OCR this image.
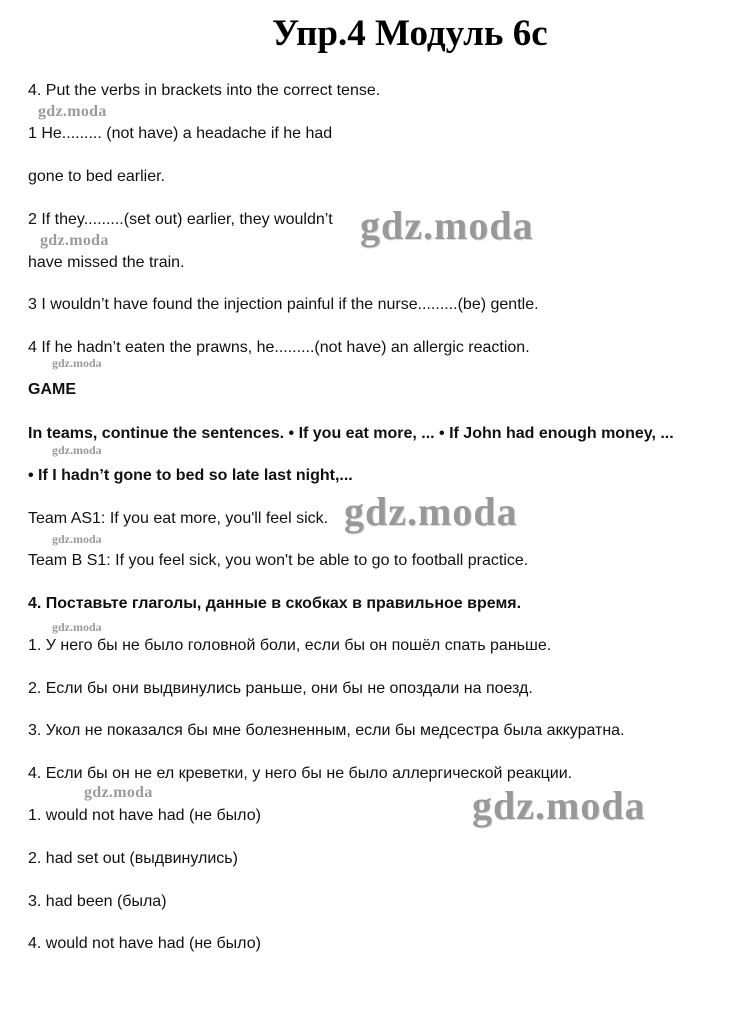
Упр.4 Модуль 6с
4. Put the verbs in brackets into the correct tense.
1 He......... (not have) a headache if he had
gone to bed earlier.
2 If they.........(set out) earlier, they wouldn’t
have missed the train.
3 I wouldn’t have found the injection painful if the nurse.........(be) gentle.
4 If he hadn’t eaten the prawns, he.........(not have) an allergic reaction.
GAME
In teams, continue the sentences. • If you eat more, ... • If John had enough money, ...
• If I hadn’t gone to bed so late last night,...
Team AS1: If you eat more, you'll feel sick.
Team B S1: If you feel sick, you won't be able to go to football practice.
4. Поставьте глаголы, данные в скобках в правильное время.
1. У него бы не было головной боли, если бы он пошёл спать раньше.
2. Если бы они выдвинулись раньше, они бы не опоздали на поезд.
3. Укол не показался бы мне болезненным, если бы медсестра была аккуратна.
4. Если бы он не ел креветки, у него бы не было аллергической реакции.
1. would not have had (не было)
2. had set out (выдвинулись)
3. had been (была)
4. would not have had (не было)
gdz.moda
gdz.moda
gdz.moda
gdz.moda
gdz.moda
gdz.moda
gdz.moda
gdz.moda
gdz.moda
gdz.moda
